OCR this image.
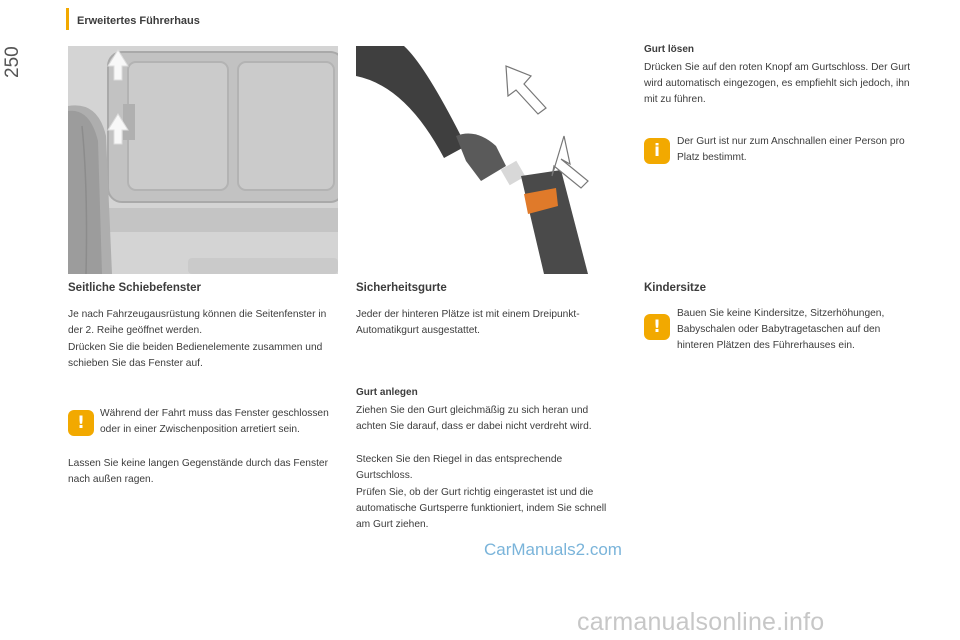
250
Erweitertes Führerhaus
Seitliche Schiebefenster
Je nach Fahrzeugausrüstung können die Seitenfenster in der 2. Reihe geöffnet werden.
Drücken Sie die beiden Bedienelemente zusammen und schieben Sie das Fenster auf.
!	Während der Fahrt muss das Fenster geschlossen oder in einer Zwischenposition arretiert sein.
Lassen Sie keine langen Gegenstände durch das Fenster nach außen ragen.
Sicherheitsgurte
Jeder der hinteren Plätze ist mit einem Dreipunkt-Automatikgurt ausgestattet.
Gurt anlegen
Ziehen Sie den Gurt gleichmäßig zu sich heran und achten Sie darauf, dass er dabei nicht verdreht wird.
Stecken Sie den Riegel in das entsprechende Gurtschloss.
Prüfen Sie, ob der Gurt richtig eingerastet ist und die automatische Gurtsperre funktioniert, indem Sie schnell am Gurt ziehen.
Gurt lösen
Drücken Sie auf den roten Knopf am Gurtschloss. Der Gurt wird automatisch eingezogen, es empfiehlt sich jedoch, ihn mit zu führen.
i	Der Gurt ist nur zum Anschnallen einer Person pro Platz bestimmt.
Kindersitze
!
Bauen Sie keine Kindersitze, Sitzerhöhungen, Babyschalen oder Babytragetaschen auf den hinteren Plätzen des Führerhauses ein.
CarManuals2.com
carmanualsonline.info
